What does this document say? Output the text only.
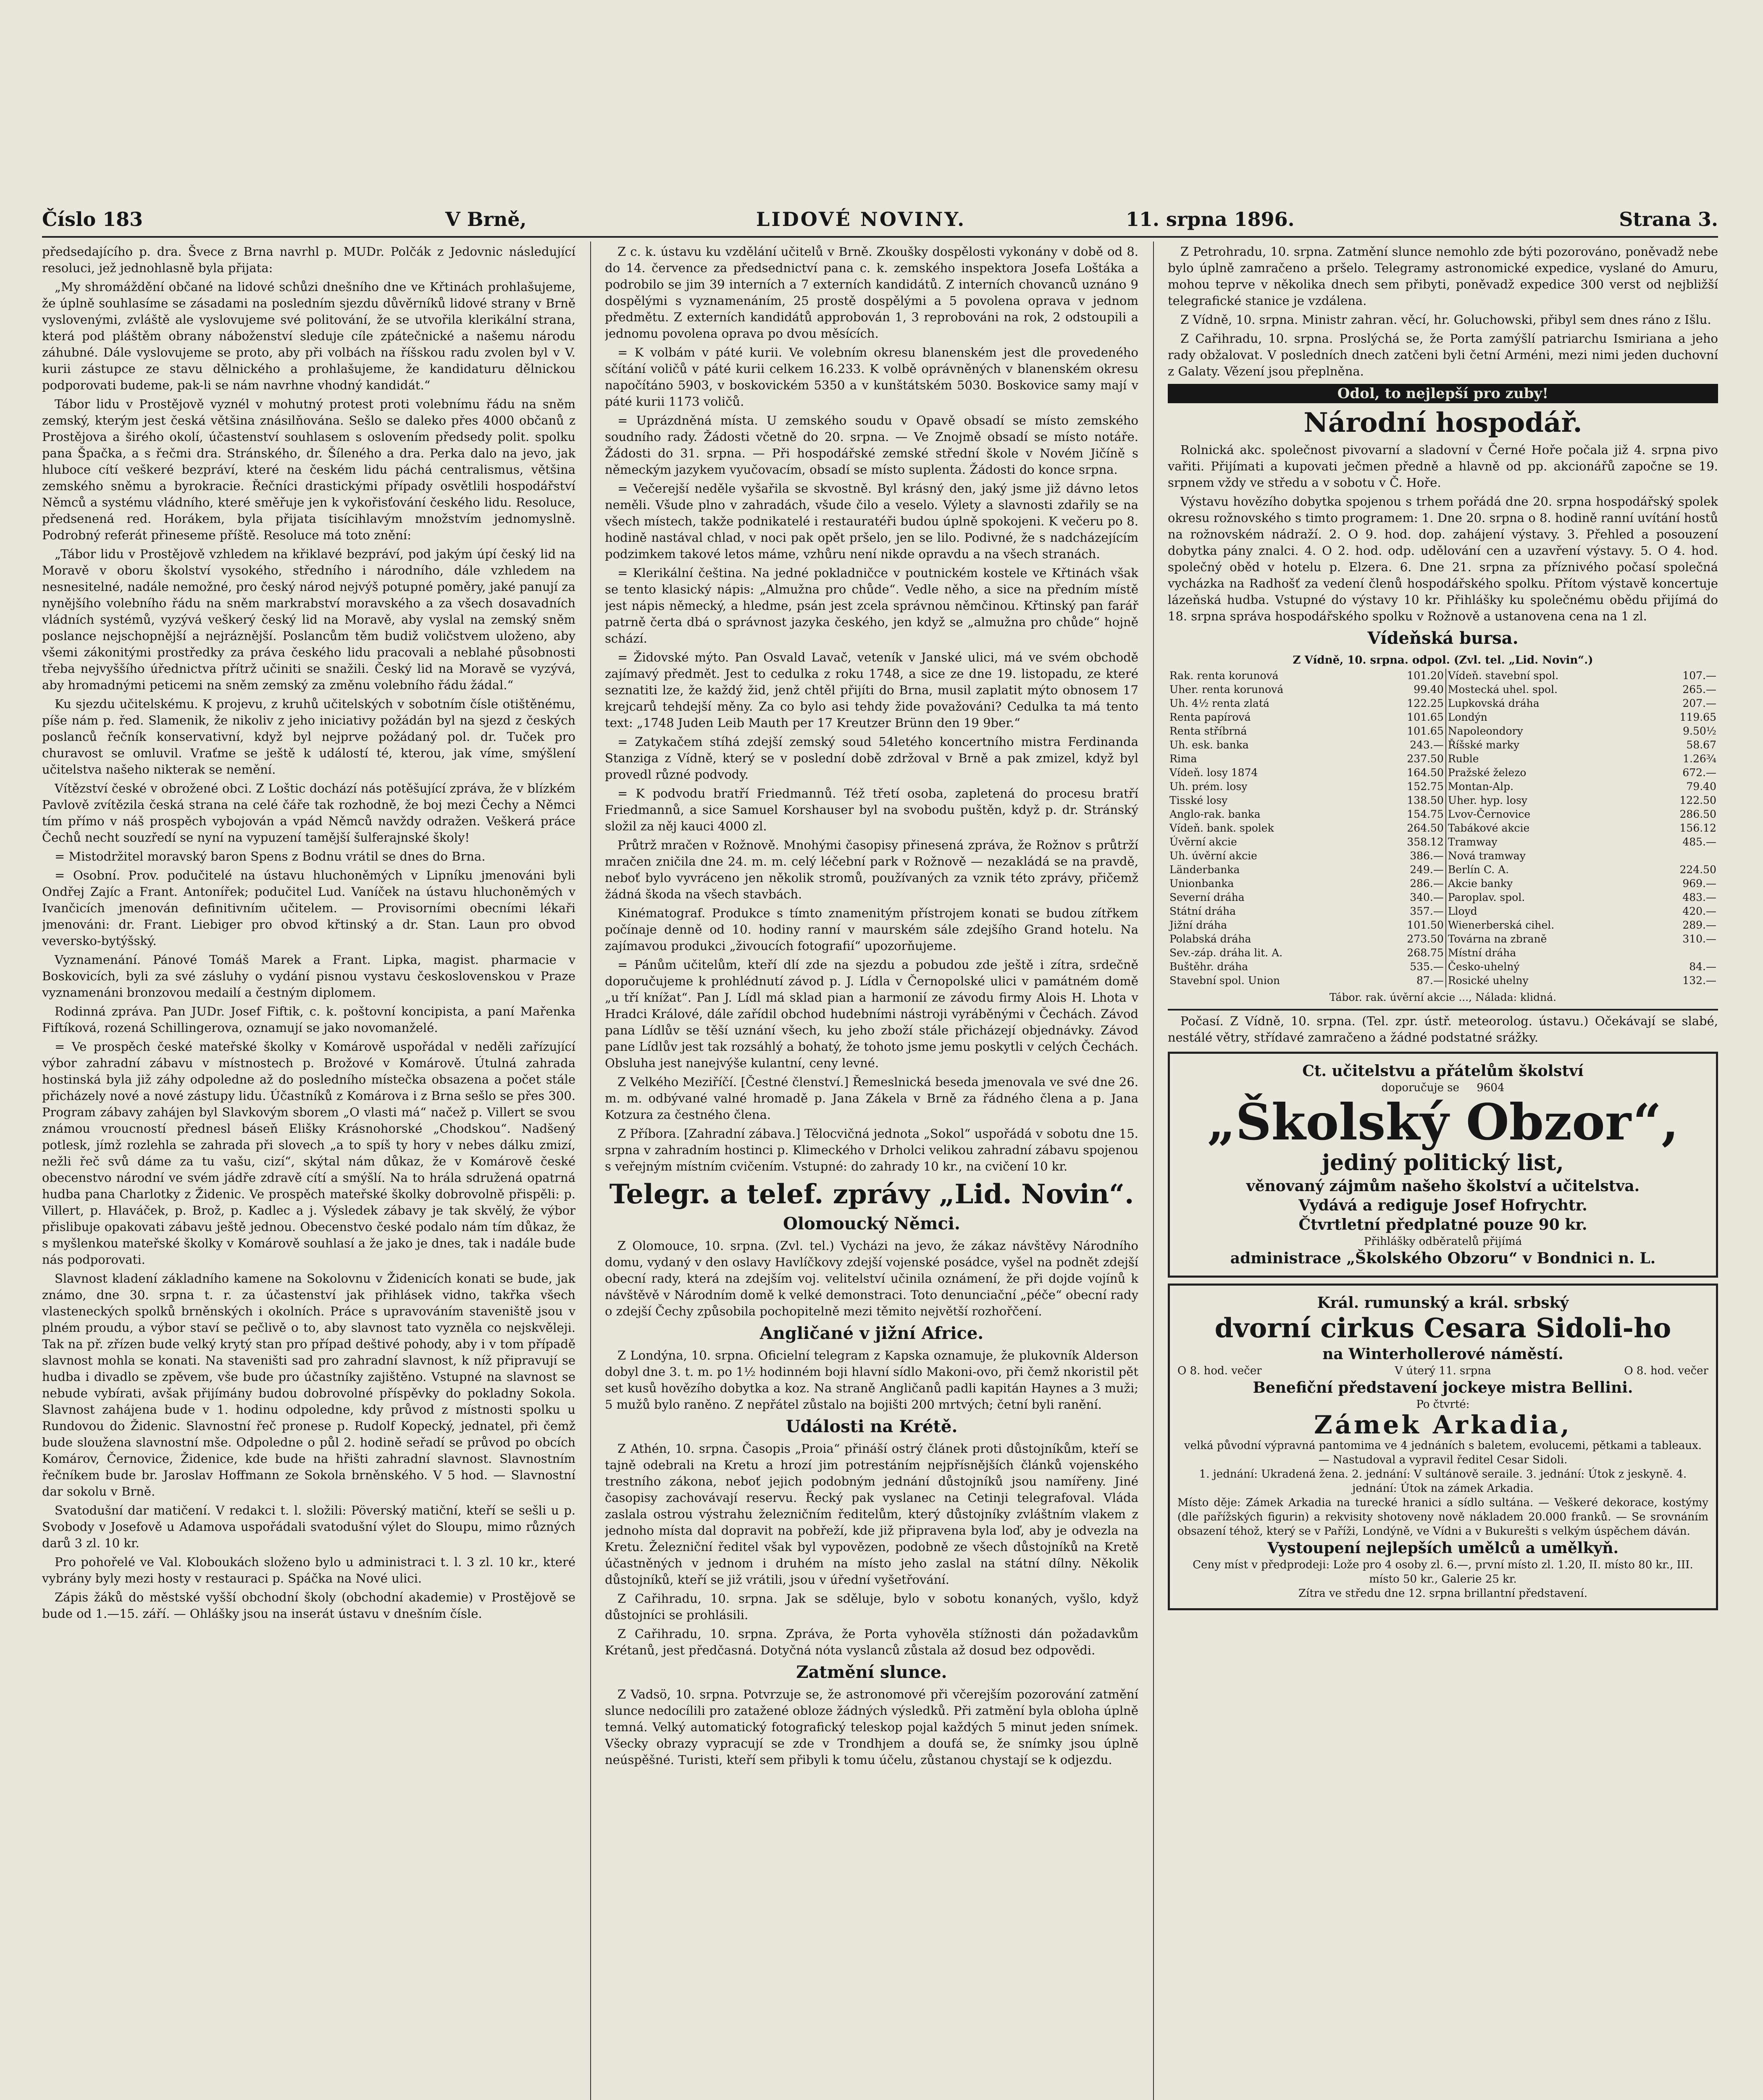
Číslo 183	V Brně,	LIDOVÉ NOVINY.	11. srpna 1896.	Strana 3.

předsedajícího p. dra. Švece z Brna navrhl p. MUDr. Polčák z Jedovnic následující resoluci, jež jednohlasně byla přijata:

„My shromáždění občané na lidové schůzi dnešního dne ve Křtinách prohlašujeme, že úplně souhlasíme se zásadami na posledním sjezdu důvěrníků lidové strany v Brně vyslovenými, zvláště ale vyslovujeme své politování, že se utvořila klerikální strana, která pod pláštěm obrany náboženství sleduje cíle zpátečnické a našemu národu záhubné. Dále vyslovujeme se proto, aby při volbách na říšskou radu zvolen byl v V. kurii zástupce ze stavu dělnického a prohlašujeme, že kandidaturu dělnickou podporovati budeme, pak-li se nám navrhne vhodný kandidát.“

Tábor lidu v Prostějově vyznél v mohutný protest proti volebnímu řádu na sněm zemský, kterým jest česká většina znásilňována. Sešlo se daleko přes 4000 občanů z Prostějova a širého okolí, účastenství souhlasem s oslovením předsedy polit. spolku pana Špačka, a s řečmi dra. Stránského, dr. Šíleného a dra. Perka dalo na jevo, jak hluboce cítí veškeré bezpráví, které na českém lidu páchá centralismus, většina zemského sněmu a byrokracie. Řečníci drastickými případy osvětlili hospodářství Němců a systému vládního, které směřuje jen k vykořisťování českého lidu. Resoluce, předsenená red. Horákem, byla přijata tisícihlavým množstvím jednomyslně. Podrobný referát přineseme příště. Resoluce má toto znění:

„Tábor lidu v Prostějově vzhledem na křiklavé bezpráví, pod jakým úpí český lid na Moravě v oboru školství vysokého, středního i národního, dále vzhledem na nesnesitelné, nadále nemožné, pro český národ nejvýš potupné poměry, jaké panují za nynějšího volebního řádu na sněm markrabství moravského a za všech dosavadních vládních systémů, vyzývá veškerý český lid na Moravě, aby vyslal na zemský sněm poslance nejschopnější a nejráznější. Poslancům těm budiž voličstvem uloženo, aby všemi zákonitými prostředky za práva českého lidu pracovali a neblahé působnosti třeba nejvyššího úřednictva přítrž učiniti se snažili. Český lid na Moravě se vyzývá, aby hromadnými peticemi na sněm zemský za změnu volebního řádu žádal.“

Ku sjezdu učitelskému. K projevu, z kruhů učitelských v sobotním čísle otištěnému, píše nám p. řed. Slamenik, že nikoliv z jeho iniciativy požádán byl na sjezd z českých poslanců řečník konservativní, když byl nejprve požádaný pol. dr. Tuček pro churavost se omluvil. Vraťme se ještě k událostí té, kterou, jak víme, smýšlení učitelstva našeho nikterak se nemění.

Vítězství české v obrožené obci. Z Loštic dochází nás potěšující zpráva, že v blízkém Pavlově zvítězila česká strana na celé čáře tak rozhodně, že boj mezi Čechy a Němci tím přímo v náš prospěch vybojován a vpád Němců navždy odražen. Veškerá práce Čechů necht souzředí se nyní na vypuzení tamější šulferajnské školy!

= Mistodržitel moravský baron Spens z Bodnu vrátil se dnes do Brna.

= Osobní. Prov. podučitelé na ústavu hluchoněmých v Lipníku jmenováni byli Ondřej Zajíc a Frant. Antonířek; podučitel Lud. Vaníček na ústavu hluchoněmých v Ivančicích jmenován definitivním učitelem. — Provisorními obecními lékaři jmenováni: dr. Frant. Liebiger pro obvod křtinský a dr. Stan. Laun pro obvod veversko-bytýšský.

Vyznamenání. Pánové Tomáš Marek a Frant. Lipka, magist. pharmacie v Boskovicích, byli za své zásluhy o vydání pisnou vystavu československou v Praze vyznamenáni bronzovou medailí a čestným diplomem.

Rodinná zpráva. Pan JUDr. Josef Fiftik, c. k. poštovní koncipista, a paní Mařenka Fiftíková, rozená Schillingerova, oznamují se jako novomanželé.

= Ve prospěch české mateřské školky v Komárově uspořádal v neděli zařízující výbor zahradní zábavu v místnostech p. Brožové v Komárově. Útulná zahrada hostinská byla již záhy odpoledne až do posledního místečka obsazena a počet stále přicházely nové a nové zástupy lidu. Účastníků z Komárova i z Brna sešlo se přes 300. Program zábavy zahájen byl Slavkovým sborem „O vlasti má“ načež p. Villert se svou známou vroucností přednesl báseň Elišky Krásnohorské „Chodskou“. Nadšený potlesk, jímž rozlehla se zahrada při slovech „a to spíš ty hory v nebes dálku zmizí, nežli řeč svů dáme za tu vašu, cizí“, skýtal nám důkaz, že v Komárově české obecenstvo národní ve svém jádře zdravě cítí a smýšlí. Na to hrála sdružená opatrná hudba pana Charlotky z Židenic. Ve prospěch mateřské školky dobrovolně přispěli: p. Villert, p. Hlaváček, p. Brož, p. Kadlec a j. Výsledek zábavy je tak skvělý, že výbor přislibuje opakovati zábavu ještě jednou. Obecenstvo české podalo nám tím důkaz, že s myšlenkou mateřské školky v Komárově souhlasí a že jako je dnes, tak i nadále bude nás podporovati.

Slavnost kladení základního kamene na Sokolovnu v Židenicích konati se bude, jak známo, dne 30. srpna t. r. za účastenství jak přihlásek vidno, takřka všech vlasteneckých spolků brněnských i okolních. Práce s upravováním staveniště jsou v plném proudu, a výbor staví se pečlivě o to, aby slavnost tato vyzněla co nejskvěleji. Tak na př. zřízen bude velký krytý stan pro případ deštivé pohody, aby i v tom případě slavnost mohla se konati. Na staveništi sad pro zahradní slavnost, k níž připravují se hudba i divadlo se zpěvem, vše bude pro účastníky zajištěno. Vstupné na slavnost se nebude vybírati, avšak přijímány budou dobrovolné příspěvky do pokladny Sokola. Slavnost zahájena bude v 1. hodinu odpoledne, kdy průvod z místnosti spolku u Rundovou do Židenic. Slavnostní řeč pronese p. Rudolf Kopecký, jednatel, při čemž bude sloužena slavnostní mše. Odpoledne o půl 2. hodině seřadí se průvod po obcích Komárov, Černovice, Židenice, kde bude na hřišti zahradní slavnost. Slavnostním řečníkem bude br. Jaroslav Hoffmann ze Sokola brněnského. V 5 hod. — Slavnostní dar sokolu v Brně.

Svatodušní dar matičení. V redakci t. l. složili: Pöverský matiční, kteří se sešli u p. Svobody v Josefově u Adamova uspořádali svatodušní výlet do Sloupu, mimo různých darů 3 zl. 10 kr.

Pro pohořelé ve Val. Kloboukách složeno bylo u administraci t. l. 3 zl. 10 kr., které vybrány byly mezi hosty v restauraci p. Spáčka na Nové ulici.

Zápis žáků do městské vyšší obchodní školy (obchodní akademie) v Prostějově se bude od 1.—15. září. — Ohlášky jsou na inserát ústavu v dnešním čísle.

Z c. k. ústavu ku vzdělání učitelů v Brně. Zkoušky dospělosti vykonány v době od 8. do 14. července za předsednictví pana c. k. zemského inspektora Josefa Loštáka a podrobilo se jim 39 interních a 7 externích kandidátů. Z interních chovanců uznáno 9 dospělými s vyznamenáním, 25 prostě dospělými a 5 povolena oprava v jednom předmětu. Z externích kandidátů approbován 1, 3 reprobováni na rok, 2 odstoupili a jednomu povolena oprava po dvou měsících.

= K volbám v páté kurii. Ve volebním okresu blanenském jest dle provedeného sčítání voličů v páté kurii celkem 16.233. K volbě oprávněných v blanenském okresu napočítáno 5903, v boskovickém 5350 a v kunštátském 5030. Boskovice samy mají v páté kurii 1173 voličů.

= Uprázdněná místa. U zemského soudu v Opavě obsadí se místo zemského soudního rady. Žádosti včetně do 20. srpna. — Ve Znojmě obsadí se místo notáře. Žádosti do 31. srpna. — Při hospodářské zemské střední škole v Novém Jičíně s německým jazykem vyučovacím, obsadí se místo suplenta. Žádosti do konce srpna.

= Večerejší neděle vyšařila se skvostně. Byl krásný den, jaký jsme již dávno letos neměli. Všude plno v zahradách, všude čilo a veselo. Výlety a slavnosti zdařily se na všech místech, takže podnikatelé i restauratéři budou úplně spokojeni. K večeru po 8. hodině nastával chlad, v noci pak opět pršelo, jen se lilo. Podivné, že s nadcházejícím podzimkem takové letos máme, vzhůru není nikde opravdu a na všech stranách.

= Klerikální čeština. Na jedné pokladničce v poutnickém kostele ve Křtinách však se tento klasický nápis: „Almužna pro chůde“. Vedle něho, a sice na předním místě jest nápis německý, a hledme, psán jest zcela správnou němčinou. Křtinský pan farář patrně čerta dbá o správnost jazyka českého, jen když se „almužna pro chůde“ hojně schází.

= Židovské mýto. Pan Osvald Lavač, veteník v Janské ulici, má ve svém obchodě zajímavý předmět. Jest to cedulka z roku 1748, a sice ze dne 19. listopadu, ze které seznatiti lze, že každý žid, jenž chtěl přijíti do Brna, musil zaplatit mýto obnosem 17 krejcarů tehdejší měny. Za co bylo asi tehdy žide považováni? Cedulka ta má tento text: „1748 Juden Leib Mauth per 17 Kreutzer Brünn den 19 9ber.“

= Zatykačem stíhá zdejší zemský soud 54letého koncertního mistra Ferdinanda Stanziga z Vídně, který se v poslední době zdržoval v Brně a pak zmizel, když byl provedl různé podvody.

= K podvodu bratří Friedmannů. Též třetí osoba, zapletená do procesu bratří Friedmannů, a sice Samuel Korshauser byl na svobodu puštěn, když p. dr. Stránský složil za něj kauci 4000 zl.

Průtrž mračen v Rožnově. Mnohými časopisy přinesená zpráva, že Rožnov s průtrží mračen zničila dne 24. m. m. celý léčební park v Rožnově — nezakládá se na pravdě, neboť bylo vyvráceno jen několik stromů, používaných za vznik této zprávy, přičemž žádná škoda na všech stavbách.

Kinématograf. Produkce s tímto znamenitým přístrojem konati se budou zítřkem počínaje denně od 10. hodiny ranní v maurském sále zdejšího Grand hotelu. Na zajímavou produkci „živoucích fotografií“ upozorňujeme.

= Pánům učitelům, kteří dlí zde na sjezdu a pobudou zde ještě i zítra, srdečně doporučujeme k prohlédnutí závod p. J. Lídla v Černopolské ulici v památném domě „u tří knížat“. Pan J. Lídl má sklad pian a harmonií ze závodu firmy Alois H. Lhota v Hradci Králové, dále zařídil obchod hudebními nástroji vyráběnými v Čechách. Závod pana Lídlův se těší uznání všech, ku jeho zboží stále přicházejí objednávky. Závod pane Lídlův jest tak rozsáhlý a bohatý, že tohoto jsme jemu poskytli v celých Čechách. Obsluha jest nanejvýše kulantní, ceny levné.

Z Velkého Meziříčí. [Čestné členství.] Řemeslnická beseda jmenovala ve své dne 26. m. m. odbývané valné hromadě p. Jana Zákela v Brně za řádného člena a p. Jana Kotzura za čestného člena.

Z Příbora. [Zahradní zábava.] Tělocvičná jednota „Sokol“ uspořádá v sobotu dne 15. srpna v zahradním hostinci p. Klimeckého v Drholci velikou zahradní zábavu spojenou s veřejným místním cvičením. Vstupné: do zahrady 10 kr., na cvičení 10 kr.

Telegr. a telef. zprávy „Lid. Novin“.
Olomoucký Němci.

Z Olomouce, 10. srpna. (Zvl. tel.) Vycházi na jevo, že zákaz návštěvy Národního domu, vydaný v den oslavy Havlíčkovy zdejší vojenské posádce, vyšel na podnět zdejší obecní rady, která na zdejším voj. velitelství učinila oznámení, že při dojde vojínů k návštěvě v Národním domě k velké demonstraci. Toto denunciační „péče“ obecní rady o zdejší Čechy způsobila pochopitelně mezi těmito největší rozhořčení.

Angličané v jižní Africe.

Z Londýna, 10. srpna. Oficielní telegram z Kapska oznamuje, že plukovník Alderson dobyl dne 3. t. m. po 1½ hodinném boji hlavní sídlo Makoni-ovo, při čemž nkoristil pět set kusů hovězího dobytka a koz. Na straně Angličanů padli kapitán Haynes a 3 muži; 5 mužů bylo raněno. Z nepřátel zůstalo na bojišti 200 mrtvých; četní byli ranění.

Události na Krétě.

Z Athén, 10. srpna. Časopis „Proia“ přináší ostrý článek proti důstojníkům, kteří se tajně odebrali na Kretu a hrozí jim potrestáním nejpřísnějších článků vojenského trestního zákona, neboť jejich podobným jednání důstojníků jsou namířeny. Jiné časopisy zachovávají reservu. Řecký pak vyslanec na Cetinji telegrafoval. Vláda zaslala ostrou výstrahu železničním ředitelům, který důstojníky zvláštním vlakem z jednoho místa dal dopravit na pobřeží, kde již připravena byla loď, aby je odvezla na Kretu. Železniční ředitel však byl vypovězen, podobně ze všech důstojníků na Kretě účastněných v jednom i druhém na místo jeho zaslal na státní dílny. Několik důstojníků, kteří se již vrátili, jsou v úřední vyšetřování.

Z Cařihradu, 10. srpna. Jak se sděluje, bylo v sobotu konaných, vyšlo, když důstojníci se prohlásili.

Z Cařihradu, 10. srpna. Zpráva, že Porta vyhověla stížnosti dán požadavkům Krétanů, jest předčasná. Dotyčná nóta vyslanců zůstala až dosud bez odpovědi.

Zatmění slunce.

Z Vadsö, 10. srpna. Potvrzuje se, že astronomové při včerejším pozorování zatmění slunce nedocílili pro zatažené obloze žádných výsledků. Při zatmění byla obloha úplně temná. Velký automatický fotografický teleskop pojal každých 5 minut jeden snímek. Všecky obrazy vypracují se zde v Trondhjem a doufá se, že snímky jsou úplně neúspěšné. Turisti, kteří sem přibyli k tomu účelu, zůstanou chystají se k odjezdu.

Z Petrohradu, 10. srpna. Zatmění slunce nemohlo zde býti pozorováno, poněvadž nebe bylo úplně zamračeno a pršelo. Telegramy astronomické expedice, vyslané do Amuru, mohou teprve v několika dnech sem přibyti, poněvadž expedice 300 verst od nejbližší telegrafické stanice je vzdálena.

Z Vídně, 10. srpna. Ministr zahran. věcí, hr. Goluchowski, přibyl sem dnes ráno z Išlu.

Z Cařihradu, 10. srpna. Proslýchá se, že Porta zamýšlí patriarchu Ismiriana a jeho rady obžalovat. V posledních dnech zatčeni byli četní Arméni, mezi nimi jeden duchovní z Galaty. Vězení jsou přeplněna.

Odol, to nejlepší pro zuby!
Národní hospodář.

Rolnická akc. společnost pivovarní a sladovní v Černé Hoře počala již 4. srpna pivo vařiti. Přijímati a kupovati ječmen předně a hlavně od pp. akcionářů započne se 19. srpnem vždy ve středu a v sobotu v Č. Hoře.

Výstavu hovězího dobytka spojenou s trhem pořádá dne 20. srpna hospodářský spolek okresu rožnovského s timto programem: 1. Dne 20. srpna o 8. hodině ranní uvítání hostů na rožnovském nádraží. 2. O 9. hod. dop. zahájení výstavy. 3. Přehled a posouzení dobytka pány znalci. 4. O 2. hod. odp. udělování cen a uzavření výstavy. 5. O 4. hod. společný oběd v hotelu p. Elzera. 6. Dne 21. srpna za příznivého počasí společná vycházka na Radhošť za vedení členů hospodářského spolku. Přítom výstavě koncertuje lázeňská hudba. Vstupné do výstavy 10 kr. Přihlášky ku společnému obědu přijímá do 18. srpna správa hospodářského spolku v Rožnově a ustanovena cena na 1 zl.

Vídeňská bursa.
Z Vídně, 10. srpna. odpol. (Zvl. tel. „Lid. Novin“.)
Rak. renta korunová	101.20	Vídeň. stavební spol.	107.—
Uher. renta korunová	99.40	Mostecká uhel. spol.	265.—
Uh. 4½ renta zlatá	122.25	Lupkovská dráha	207.—
Renta papírová	101.65	Londýn	119.65
Renta stříbrná	101.65	Napoleondory	9.50½
Uh. esk. banka	243.—	Říšské marky	58.67
Rima	237.50	Ruble	1.26¾
Vídeň. losy 1874	164.50	Pražské železo	672.—
Uh. prém. losy	152.75	Montan-Alp.	79.40
Tisské losy	138.50	Uher. hyp. losy	122.50
Anglo-rak. banka	154.75	Lvov-Černovice	286.50
Vídeň. bank. spolek	264.50	Tabákové akcie	156.12
Úvěrní akcie	358.12	Tramway	485.—
Uh. úvěrní akcie	386.—	Nová tramway	
Länderbanka	249.—	Berlín C. A.	224.50
Unionbanka	286.—	Akcie banky	969.—
Severní dráha	340.—	Paroplav. spol.	483.—
Státní dráha	357.—	Lloyd	420.—
Jižní dráha	101.50	Wienerberská cihel.	289.—
Polabská dráha	273.50	Továrna na zbraně	310.—
Sev.-záp. dráha lit. A.	268.75	Místní dráha	
Buštěhr. dráha	535.—	Česko-uhelný	84.—
Stavební spol. Union	87.—	Rosické uhelny	132.—
Tábor. rak. úvěrní akcie ..., Nálada: klidná.

Počasí. Z Vídně, 10. srpna. (Tel. zpr. ústř. meteorolog. ústavu.) Očekávají se slabé, nestálé větry, střídavé zamračeno a žádné podstatné srážky.

Ct. učitelstvu a přátelům školství
doporučuje se 9604
„Školský Obzor“,
jediný politický list,
věnovaný zájmům našeho školství a učitelstva.
Vydává a rediguje Josef Hofrychtr.
Čtvrtletní předplatné pouze 90 kr.
Přihlášky odběratelů přijímá
administrace „Školského Obzoru“ v Bondnici n. L.
Král. rumunský a král. srbský
dvorní cirkus Cesara Sidoli-ho
na Winterhollerové náměstí.
O 8. hod. večer	V úterý 11. srpna	O 8. hod. večer
Benefiční představení jockeye mistra Bellini.
Po čtvrté:
Zámek Arkadia,
velká původní výpravná pantomima ve 4 jednáních s baletem, evolucemi, pětkami a tableaux. — Nastudoval a vypravil ředitel Cesar Sidoli.
1. jednání: Ukradená žena. 2. jednání: V sultánově seraile. 3. jednání: Útok z jeskyně. 4. jednání: Útok na zámek Arkadia.
Místo děje: Zámek Arkadia na turecké hranici a sídlo sultána. — Veškeré dekorace, kostýmy (dle pařížských figurin) a rekvisity shotoveny nově nákladem 20.000 franků. — Se srovnáním obsazení téhož, který se v Paříži, Londýně, ve Vídni a v Bukurešti s velkým úspěchem dáván.
Vystoupení nejlepších umělců a umělkyň.
Ceny míst v předprodeji: Lože pro 4 osoby zl. 6.—, první místo zl. 1.20, II. místo 80 kr., III. místo 50 kr., Galerie 25 kr.
Zítra ve středu dne 12. srpna brillantní představení.
